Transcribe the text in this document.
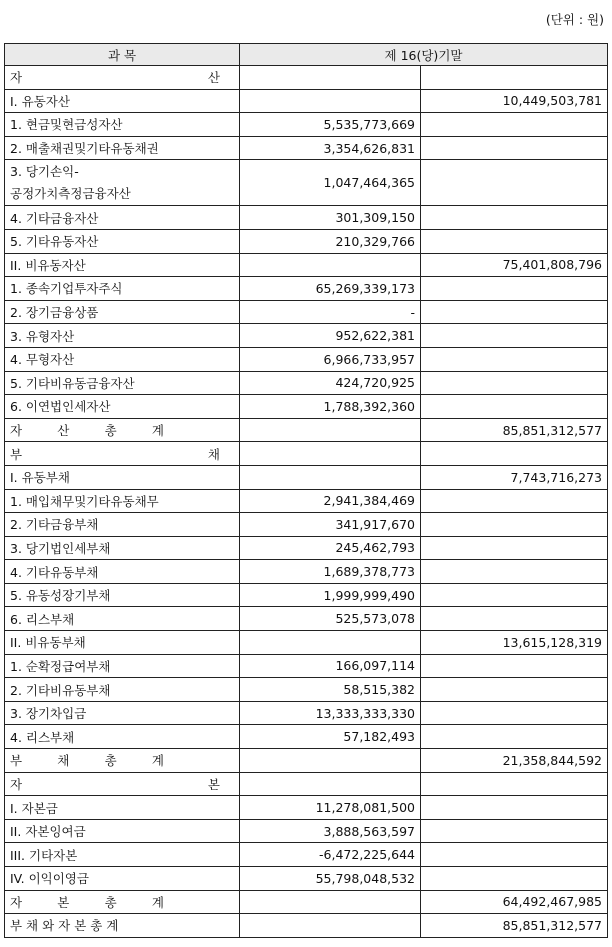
(단위 : 원)
과 목	제 16(당)기말	

자 산		

I. 유동자산		10,449,503,781
1. 현금및현금성자산	5,535,773,669	
2. 매출채권및기타유동채권	3,354,626,831	

3. 당기손익-
공정가치측정금융자산	1,047,464,365	
4. 기타금융자산	301,309,150	
5. 기타유동자산	210,329,766	
II. 비유동자산		75,401,808,796
1. 종속기업투자주식	65,269,339,173	
2. 장기금융상품	-	
3. 유형자산	952,622,381	
4. 무형자산	6,966,733,957	
5. 기타비유동금융자산	424,720,925	
6. 이연법인세자산	1,788,392,360	

자 산 총 계		85,851,312,577

부 채		

I. 유동부채		7,743,716,273
1. 매입채무및기타유동채무	2,941,384,469	
2. 기타금융부채	341,917,670	
3. 당기법인세부채	245,462,793	
4. 기타유동부채	1,689,378,773	
5. 유동성장기부채	1,999,999,490	
6. 리스부채	525,573,078	
II. 비유동부채		13,615,128,319
1. 순확정급여부채	166,097,114	
2. 기타비유동부채	58,515,382	
3. 장기차입금	13,333,333,330	
4. 리스부채	57,182,493	

부 채 총 계		21,358,844,592

자 본		

I. 자본금	11,278,081,500	
II. 자본잉여금	3,888,563,597	
III. 기타자본	-6,472,225,644	
IV. 이익이영금	55,798,048,532	

자 본 총 계		64,492,467,985
부 채 와 자 본 총 계		85,851,312,577
